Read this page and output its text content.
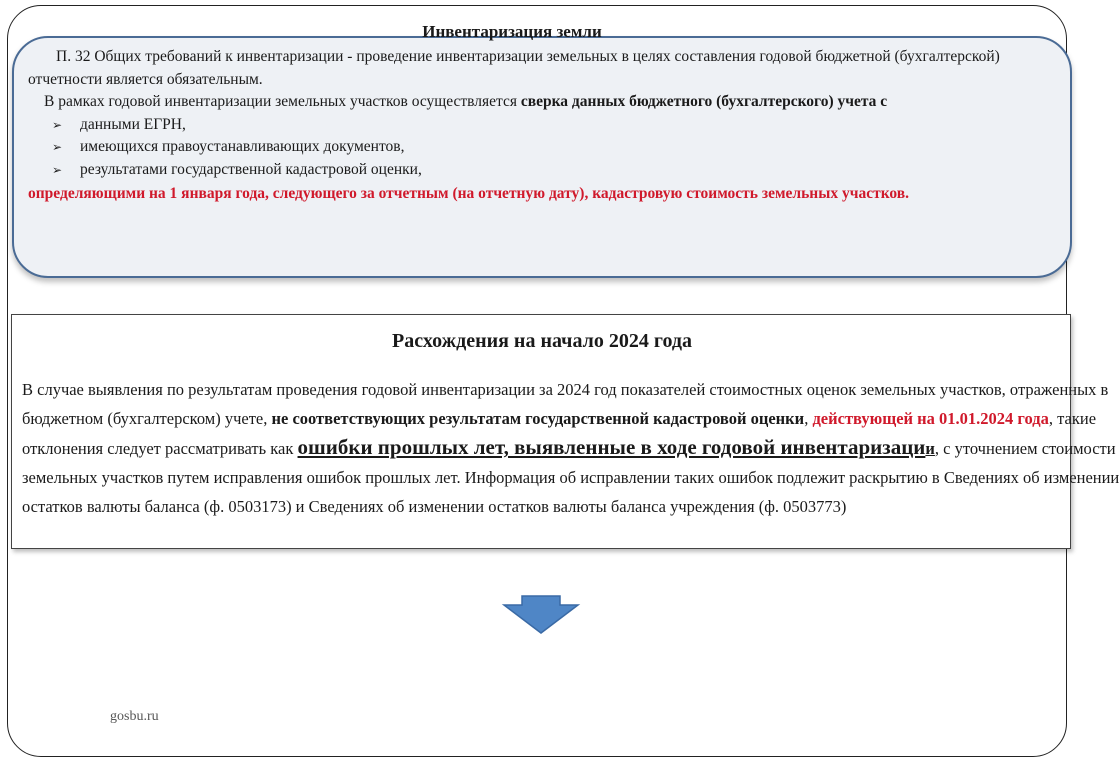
Инвентаризация земли

П. 32 Общих требований к инвентаризации - проведение инвентаризации земельных в целях составления годовой бюджетной (бухгалтерской)

отчетности является обязательным.

В рамках годовой инвентаризации земельных участков осуществляется сверка данных бюджетного (бухгалтерского) учета с

➢ данными ЕГРН,

➢ имеющихся правоустанавливающих документов,

➢ результатами государственной кадастровой оценки,

определяющими на 1 января года, следующего за отчетным (на отчетную дату), кадастровую стоимость земельных участков.

Расхождения на начало 2024 года
В случае выявления по результатам проведения годовой инвентаризации за 2024 год показателей стоимостных оценок земельных участков, отраженных в
бюджетном (бухгалтерском) учете, не соответствующих результатам государственной кадастровой оценки, действующей на 01.01.2024 года, такие
отклонения следует рассматривать как ошибки прошлых лет, выявленные в ходе годовой инвентаризации, с уточнением стоимости
земельных участков путем исправления ошибок прошлых лет. Информация об исправлении таких ошибок подлежит раскрытию в Сведениях об изменении
остатков валюты баланса (ф. 0503173) и Сведениях об изменении остатков валюты баланса учреждения (ф. 0503773)

gosbu.ru
